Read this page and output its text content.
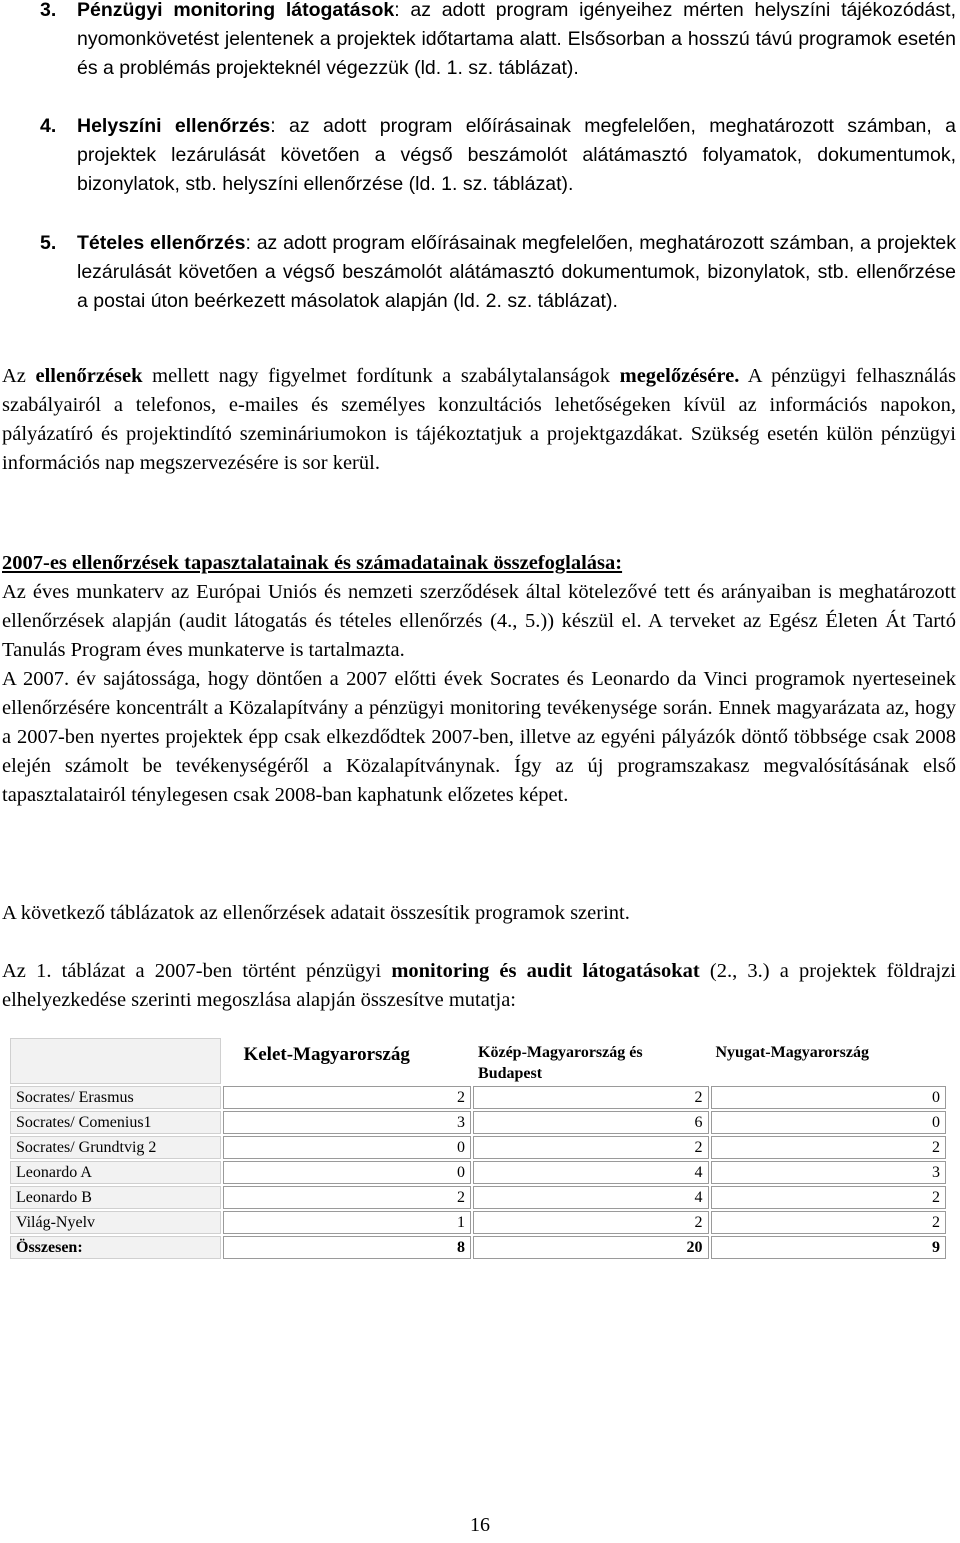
3. Pénzügyi monitoring látogatások: az adott program igényeihez mérten helyszíni tájékozódást, nyomonkövetést jelentenek a projektek időtartama alatt. Elsősorban a hosszú távú programok esetén és a problémás projekteknél végezzük (ld. 1. sz. táblázat).
4. Helyszíni ellenőrzés: az adott program előírásainak megfelelően, meghatározott számban, a projektek lezárulását követően a végső beszámolót alátámasztó folyamatok, dokumentumok, bizonylatok, stb. helyszíni ellenőrzése (ld. 1. sz. táblázat).
5. Tételes ellenőrzés: az adott program előírásainak megfelelően, meghatározott számban, a projektek lezárulását követően a végső beszámolót alátámasztó dokumentumok, bizonylatok, stb. ellenőrzése a postai úton beérkezett másolatok alapján (ld. 2. sz. táblázat).

Az ellenőrzések mellett nagy figyelmet fordítunk a szabálytalanságok megelőzésére. A pénzügyi felhasználás szabályairól a telefonos, e-mailes és személyes konzultációs lehetőségeken kívül az információs napokon, pályázatíró és projektindító szemináriumokon is tájékoztatjuk a projektgazdákat. Szükség esetén külön pénzügyi információs nap megszervezésére is sor kerül.

2007-es ellenőrzések tapasztalatainak és számadatainak összefoglalása:
Az éves munkaterv az Európai Uniós és nemzeti szerződések által kötelezővé tett és arányaiban is meghatározott ellenőrzések alapján (audit látogatás és tételes ellenőrzés (4., 5.)) készül el. A terveket az Egész Életen Át Tartó Tanulás Program éves munkaterve is tartalmazta.
A 2007. év sajátossága, hogy döntően a 2007 előtti évek Socrates és Leonardo da Vinci programok nyerteseinek ellenőrzésére koncentrált a Közalapítvány a pénzügyi monitoring tevékenysége során. Ennek magyarázata az, hogy a 2007-ben nyertes projektek épp csak elkezdődtek 2007-ben, illetve az egyéni pályázók döntő többsége csak 2008 elején számolt be tevékenységéről a Közalapítványnak. Így az új programszakasz megvalósításának első tapasztalatairól ténylegesen csak 2008-ban kaphatunk előzetes képet.

A következő táblázatok az ellenőrzések adatait összesítik programok szerint.

Az 1. táblázat a 2007-ben történt pénzügyi monitoring és audit látogatásokat (2., 3.) a projektek földrajzi elhelyezkedése szerinti megoszlása alapján összesítve mutatja:

	Kelet-Magyarország	Közép-Magyarország és Budapest	Nyugat-Magyarország
Socrates/ Erasmus	2	2	0
Socrates/ Comenius1	3	6	0
Socrates/ Grundtvig 2	0	2	2
Leonardo A	0	4	3
Leonardo B	2	4	2
Világ-Nyelv	1	2	2
Összesen:	8	20	9
16
